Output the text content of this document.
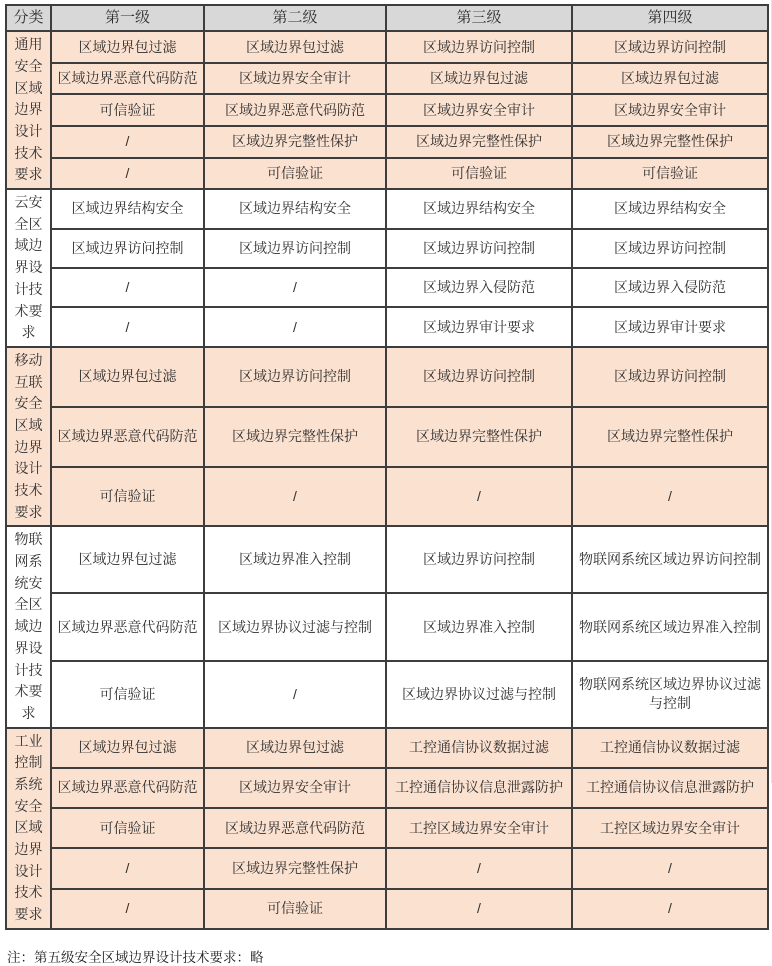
分类	第一级	第二级	第三级	第四级
通用安全区域边界设计技术要求	区域边界包过滤	区域边界包过滤	区域边界访问控制	区域边界访问控制
	区域边界恶意代码防范	区域边界安全审计	区域边界包过滤	区域边界包过滤
	可信验证	区域边界恶意代码防范	区域边界安全审计	区域边界安全审计
	/	区域边界完整性保护	区域边界完整性保护	区域边界完整性保护
	/	可信验证	可信验证	可信验证
云安全区域边界设计技术要求	区域边界结构安全	区域边界结构安全	区域边界结构安全	区域边界结构安全
	区域边界访问控制	区域边界访问控制	区域边界访问控制	区域边界访问控制
	/	/	区域边界入侵防范	区域边界入侵防范
	/	/	区域边界审计要求	区域边界审计要求
移动互联安全区域边界设计技术要求	区域边界包过滤	区域边界访问控制	区域边界访问控制	区域边界访问控制
	区域边界恶意代码防范	区域边界完整性保护	区域边界完整性保护	区域边界完整性保护
	可信验证	/	/	/
物联网系统安全区域边界设计技术要求	区域边界包过滤	区域边界准入控制	区域边界访问控制	物联网系统区域边界访问控制
	区域边界恶意代码防范	区域边界协议过滤与控制	区域边界准入控制	物联网系统区域边界准入控制
	可信验证	/	区域边界协议过滤与控制	物联网系统区域边界协议过滤与控制
工业控制系统安全区域边界设计技术要求	区域边界包过滤	区域边界包过滤	工控通信协议数据过滤	工控通信协议数据过滤
	区域边界恶意代码防范	区域边界安全审计	工控通信协议信息泄露防护	工控通信协议信息泄露防护
	可信验证	区域边界恶意代码防范	工控区域边界安全审计	工控区域边界安全审计
	/	区域边界完整性保护	/	/
	/	可信验证	/	/
注：第五级安全区域边界设计技术要求：略
